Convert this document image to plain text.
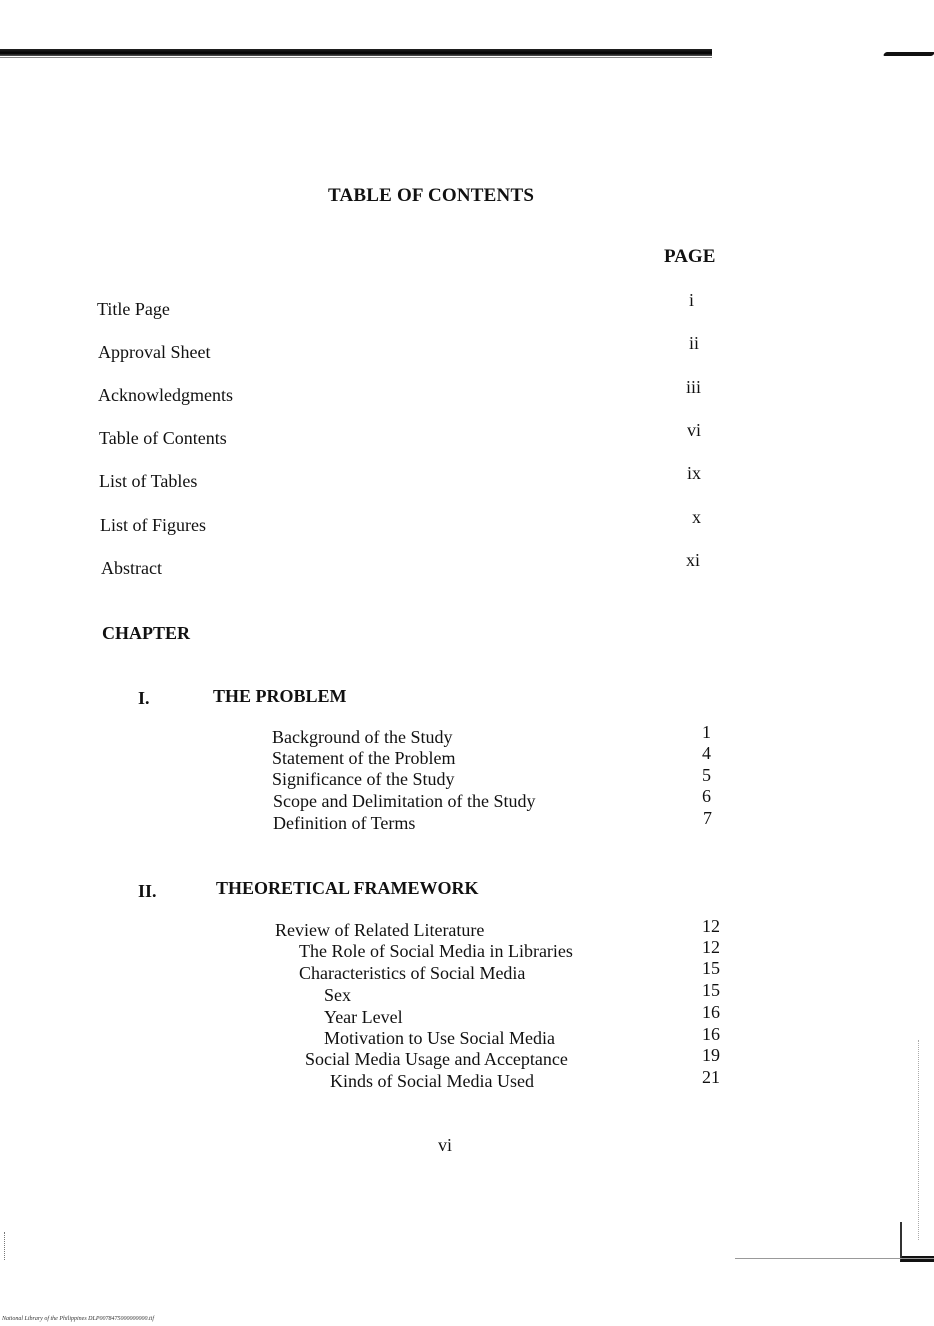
TABLE OF CONTENTS
PAGE
Title Page	i
Approval Sheet	ii
Acknowledgments	iii
Table of Contents	vi
List of Tables	ix
List of Figures	x
Abstract	xi
CHAPTER
I.	THE PROBLEM
Background of the Study	1
Statement of the Problem	4
Significance of the Study	5
Scope and Delimitation of the Study	6
Definition of Terms	7
II.	THEORETICAL FRAMEWORK
Review of Related Literature	12
The Role of Social Media in Libraries	12
Characteristics of Social Media	15
Sex	15
Year Level	16
Motivation to Use Social Media	16
Social Media Usage and Acceptance	19
Kinds of Social Media Used	21
vi
National Library of the Philippines DLP0078475000000000.tif
